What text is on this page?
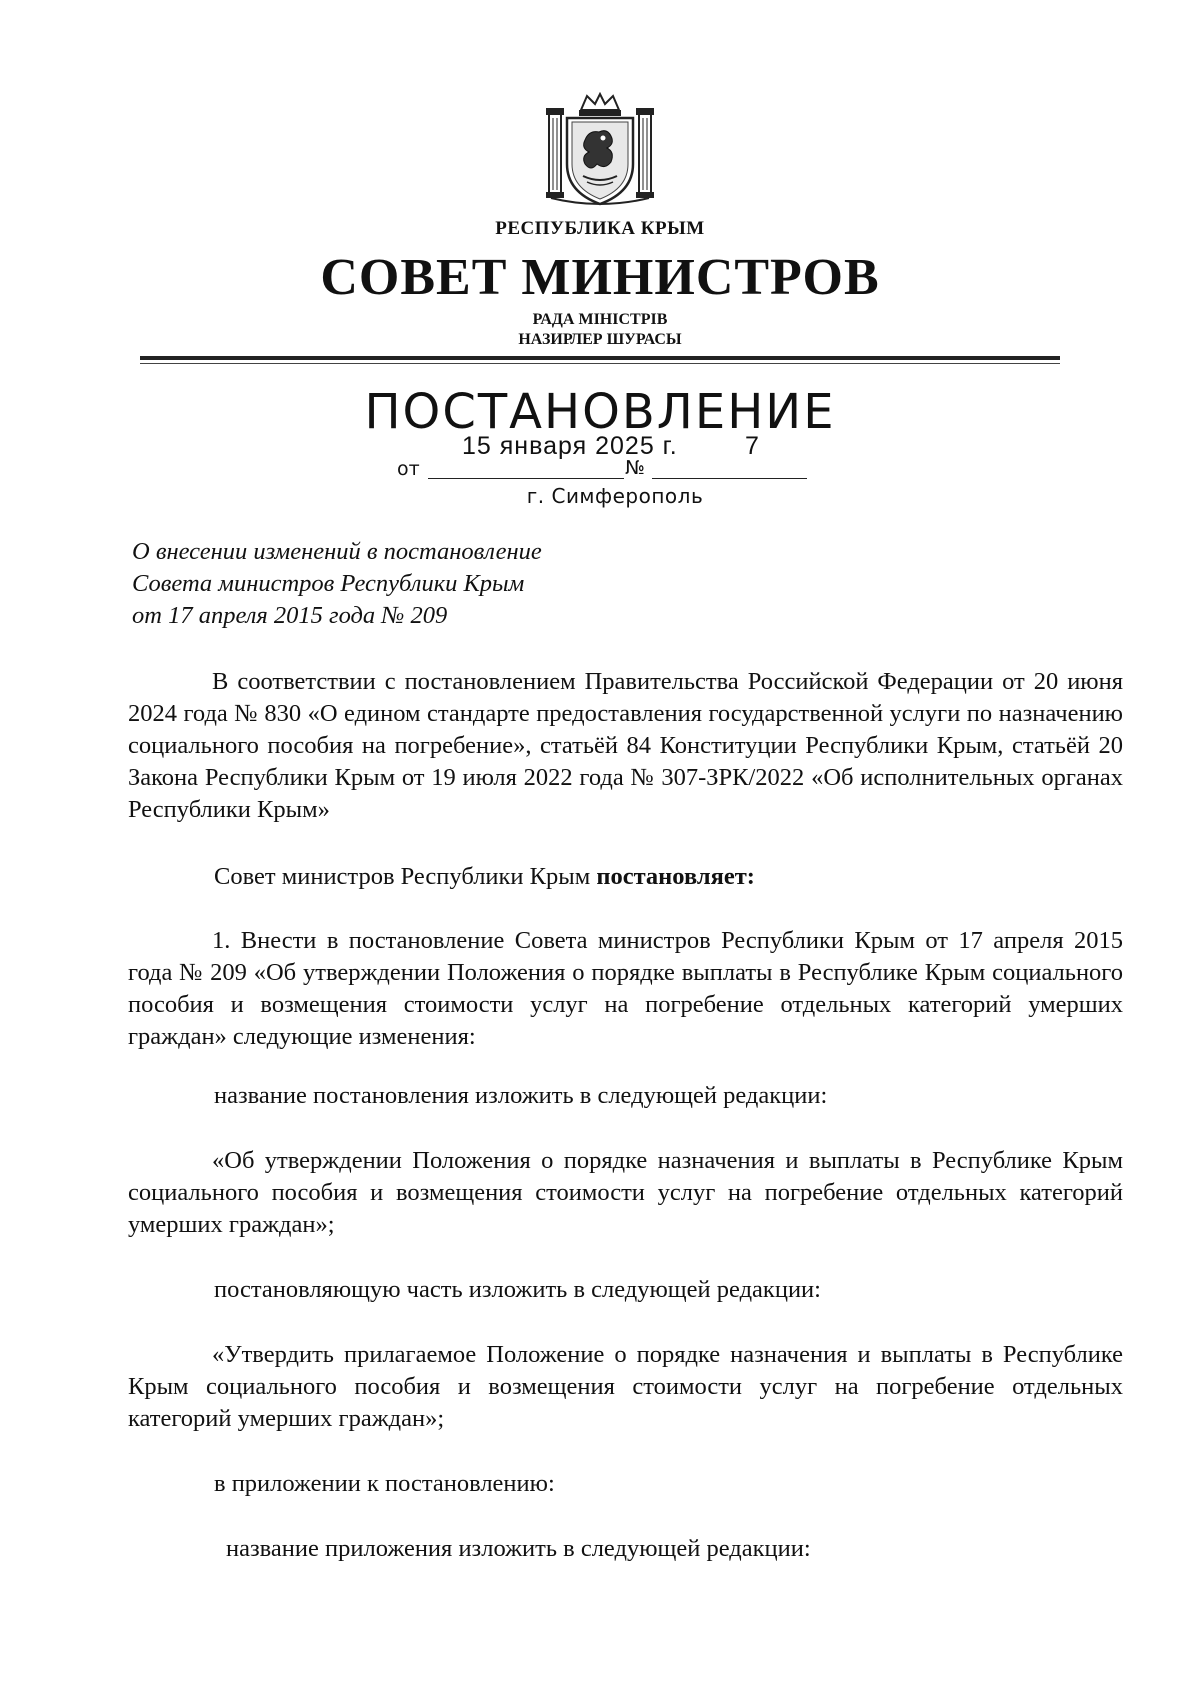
РЕСПУБЛИКА КРЫМ
СОВЕТ МИНИСТРОВ
РАДА МІНІСТРІВ
НАЗИРЛЕР ШУРАСЫ
ПОСТАНОВЛЕНИЕ
15 января 2025 г.	7
от	№
г. Симферополь
О внесении изменений в постановление
Совета министров Республики Крым
от 17 апреля 2015 года № 209
В соответствии с постановлением Правительства Российской Федерации от 20 июня 2024 года № 830 «О едином стандарте предоставления государственной услуги по назначению социального пособия на погребение», статьёй 84 Конституции Республики Крым, статьёй 20 Закона Республики Крым от 19 июля 2022 года № 307-ЗРК/2022 «Об исполнительных органах Республики Крым»
Совет министров Республики Крым постановляет:
1. Внести в постановление Совета министров Республики Крым от 17 апреля 2015 года № 209 «Об утверждении Положения о порядке выплаты в Республике Крым социального пособия и возмещения стоимости услуг на погребение отдельных категорий умерших граждан» следующие изменения:
название постановления изложить в следующей редакции:
«Об утверждении Положения о порядке назначения и выплаты в Республике Крым социального пособия и возмещения стоимости услуг на погребение отдельных категорий умерших граждан»;
постановляющую часть изложить в следующей редакции:
«Утвердить прилагаемое Положение о порядке назначения и выплаты в Республике Крым социального пособия и возмещения стоимости услуг на погребение отдельных категорий умерших граждан»;
в приложении к постановлению:
название приложения изложить в следующей редакции:
